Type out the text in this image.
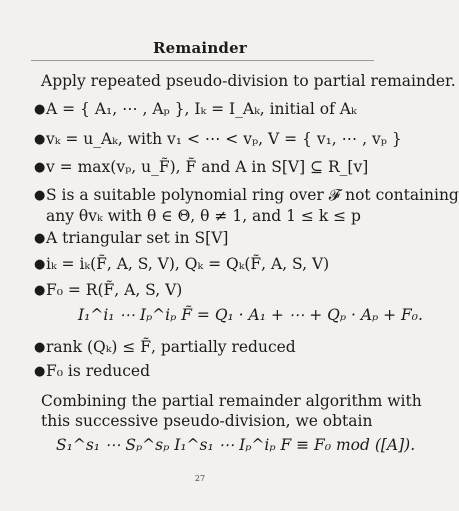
Remainder
Apply repeated pseudo-division to partial remainder.
●A = { A₁, ⋯ , Aₚ }, Iₖ = I_Aₖ, initial of Aₖ
●vₖ = u_Aₖ, with v₁ < ⋯ < vₚ, V = { v₁, ⋯ , vₚ }
●v = max(vₚ, u_F̃), F̃ and A in S[V] ⊆ R_[v]
●S is a suitable polynomial ring over 𝓕 not containing
any θvₖ with θ ∈ Θ, θ ≠ 1, and 1 ≤ k ≤ p
●A triangular set in S[V]
●iₖ = iₖ(F̃, A, S, V), Qₖ = Qₖ(F̃, A, S, V)
●F₀ = R(F̃, A, S, V)
I₁^i₁ ⋯ Iₚ^iₚ F̃ = Q₁ · A₁ + ⋯ + Qₚ · Aₚ + F₀.
●rank (Qₖ) ≤ F̃, partially reduced
●F₀ is reduced
Combining the partial remainder algorithm with
this successive pseudo-division, we obtain
S₁^s₁ ⋯ Sₚ^sₚ I₁^s₁ ⋯ Iₚ^iₚ F ≡ F₀ mod ([A]).
27
